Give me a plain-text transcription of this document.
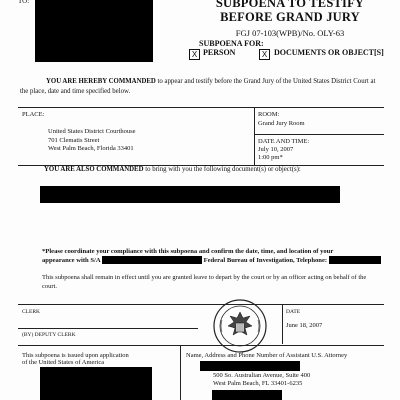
TO:	SUBPOENA TO TESTIFY
BEFORE GRAND JURY
FGJ 07-103(WPB)/No. OLY-63
SUBPOENA FOR:
X PERSON	X DOCUMENTS OR OBJECT[S]
YOU ARE HEREBY COMMANDED to appear and testify before the Grand Jury of the United States District Court at the place, date and time specified below.
PLACE:
United States District Courthouse
701 Clematis Street
West Palm Beach, Florida 33401
ROOM:
Grand Jury Room
DATE AND TIME:
July 10, 2007
1:00 pm*
YOU ARE ALSO COMMANDED to bring with you the following document(s) or object(s):
*Please coordinate your compliance with this subpoena and confirm the date, time, and location of your
appearance with S/A	Federal Bureau of Investigation, Telephone:
This subpoena shall remain in effect until you are granted leave to depart by the court or by an officer acting on behalf of the court.
CLERK
(BY) DEPUTY CLERK
DATE
June 18, 2007
This subpoena is issued upon application
of the United States of America
Name, Address and Phone Number of Assistant U.S. Attorney
500 So. Australian Avenue, Suite 400
West Palm Beach, FL 33401-6235
